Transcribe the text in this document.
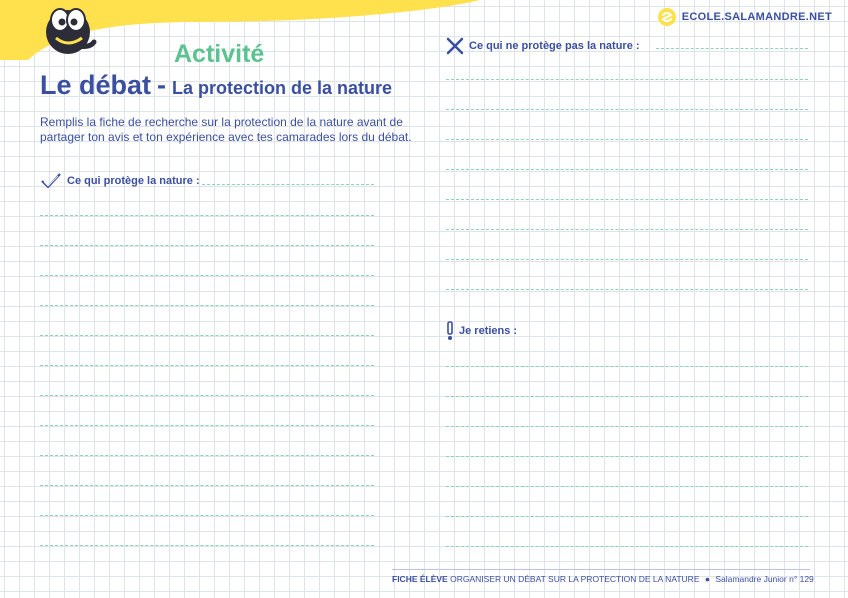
ECOLE.SALAMANDRE.NET
Activité
Le débat - La protection de la nature

Remplis la fiche de recherche sur la protection de la nature avant de partager ton avis et ton expérience avec tes camarades lors du débat.

Ce qui protège la nature :
Ce qui ne protège pas la nature :
Je retiens :
FICHE ÉLÈVE ORGANISER UN DÉBAT SUR LA PROTECTION DE LA NATURE ● Salamandre Junior n° 129
